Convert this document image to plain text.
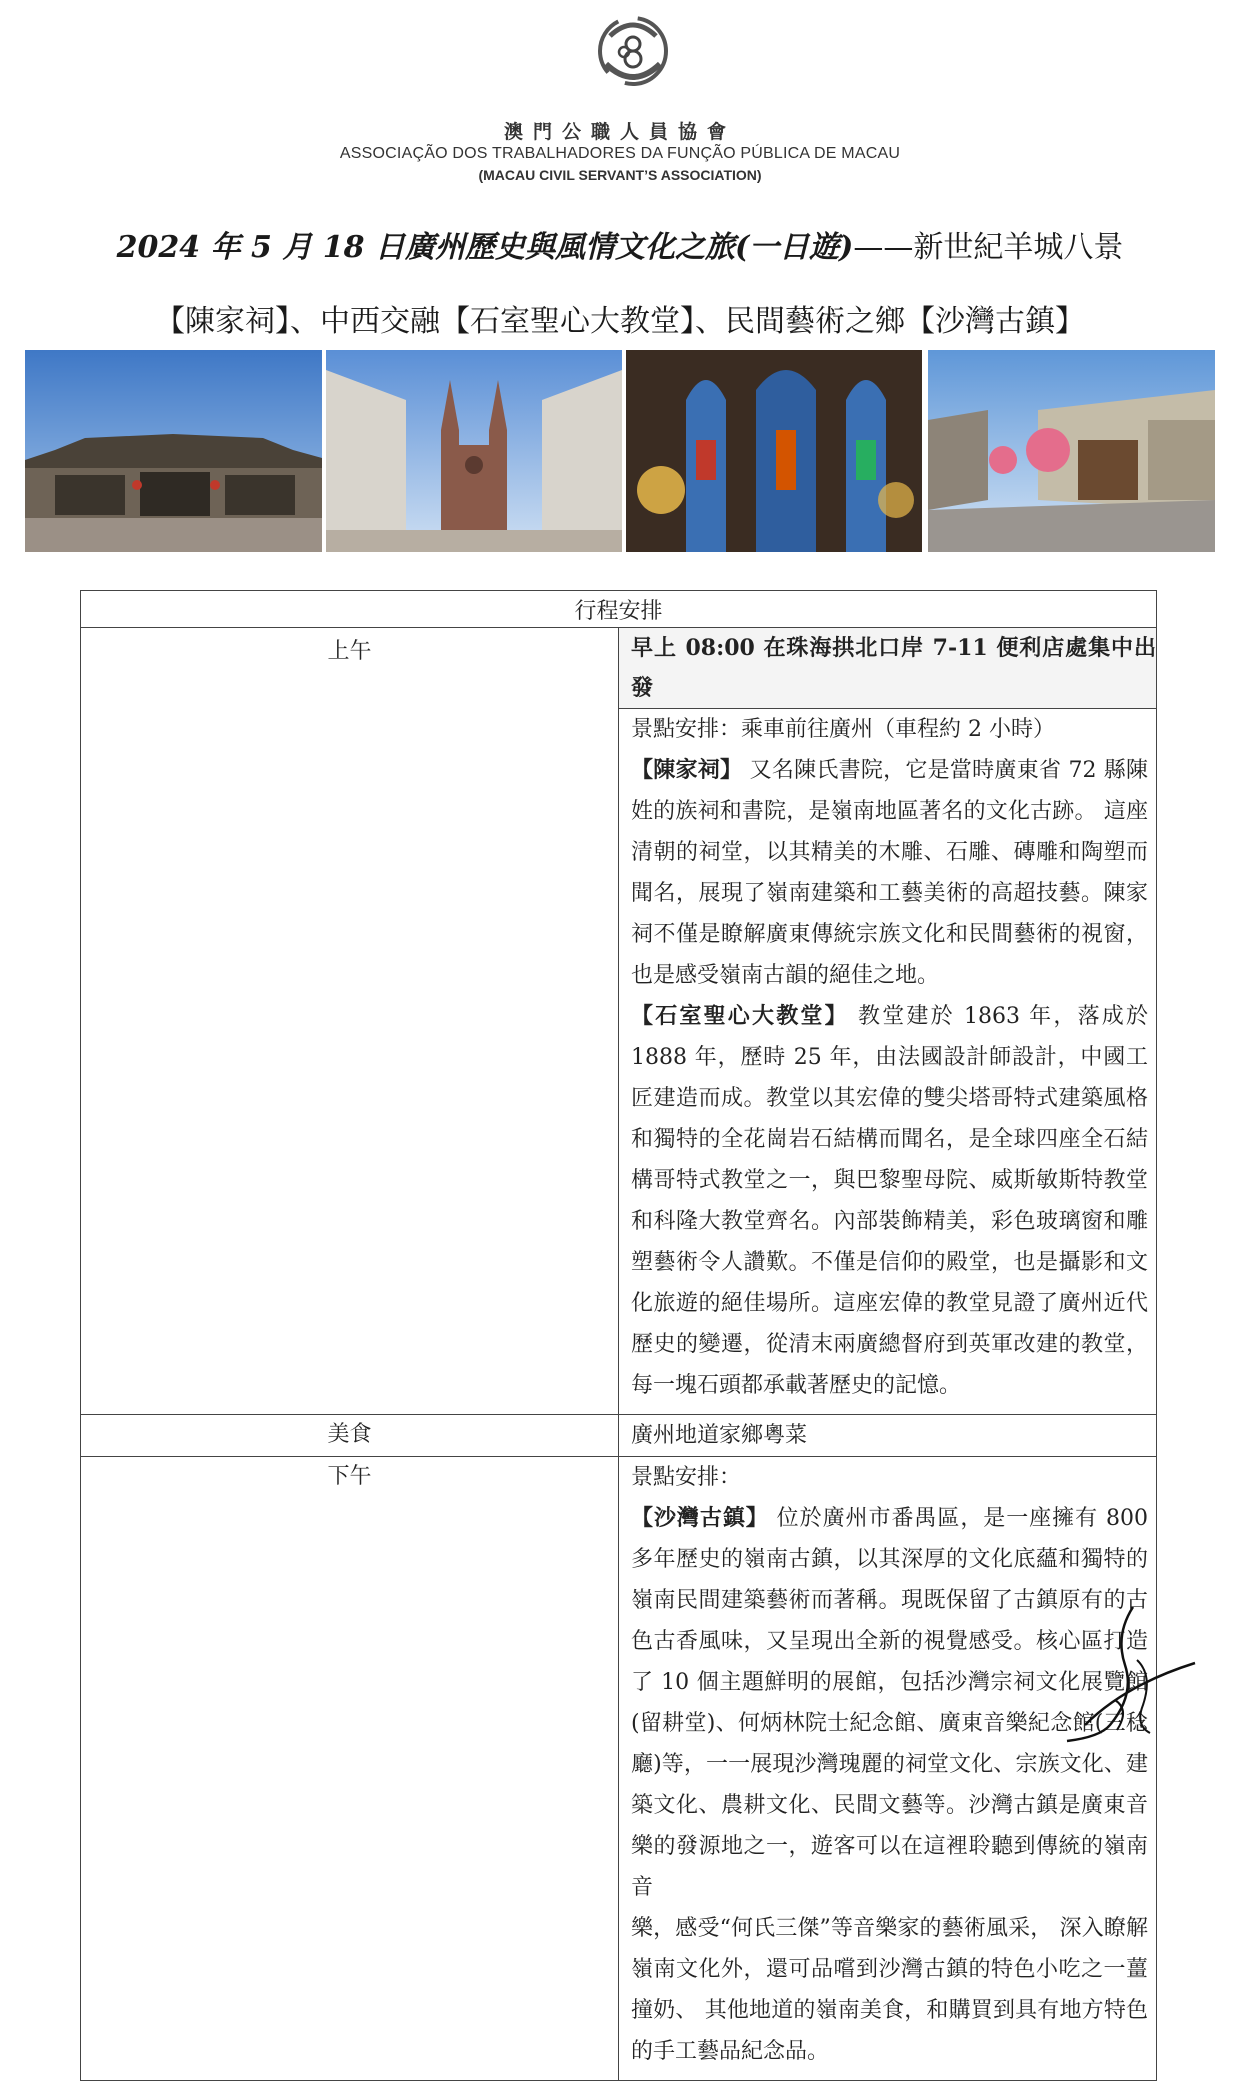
澳門公職人員協會
ASSOCIAÇÃO DOS TRABALHADORES DA FUNÇÃO PÚBLICA DE MACAU
(MACAU CIVIL SERVANT’S ASSOCIATION)
2024 年 5 月 18 日廣州歷史與風情文化之旅(一日遊)——新世紀羊城八景
【陳家祠】、中西交融【石室聖心大教堂】、民間藝術之鄉【沙灣古鎮】
行程安排	
上午	早上 08:00 在珠海拱北口岸 7-11 便利店處集中出發

景點安排：乘車前往廣州（車程約 2 小時）

【陳家祠】 又名陳氏書院，它是當時廣東省 72 縣陳姓的族祠和書院，是嶺南地區著名的文化古跡。 這座清朝的祠堂，以其精美的木雕、石雕、磚雕和陶塑而聞名，展現了嶺南建築和工藝美術的高超技藝。陳家祠不僅是瞭解廣東傳統宗族文化和民間藝術的視窗，也是感受嶺南古韻的絕佳之地。

【石室聖心大教堂】 教堂建於 1863 年，落成於 1888 年，歷時 25 年，由法國設計師設計，中國工匠建造而成。教堂以其宏偉的雙尖塔哥特式建築風格和獨特的全花崗岩石結構而聞名，是全球四座全石結構哥特式教堂之一，與巴黎聖母院、威斯敏斯特教堂和科隆大教堂齊名。內部裝飾精美，彩色玻璃窗和雕塑藝術令人讚歎。不僅是信仰的殿堂，也是攝影和文化旅遊的絕佳場所。這座宏偉的教堂見證了廣州近代歷史的變遷，從清末兩廣總督府到英軍改建的教堂，每一塊石頭都承載著歷史的記憶。

美食	廣州地道家鄉粵菜
下午	景點安排：

【沙灣古鎮】 位於廣州市番禺區，是一座擁有 800 多年歷史的嶺南古鎮，以其深厚的文化底蘊和獨特的嶺南民間建築藝術而著稱。現既保留了古鎮原有的古色古香風味，又呈現出全新的視覺感受。核心區打造了 10 個主題鮮明的展館，包括沙灣宗祠文化展覽館(留耕堂)、何炳林院士紀念館、廣東音樂紀念館(三稔廳)等，一一展現沙灣瑰麗的祠堂文化、宗族文化、建築文化、農耕文化、民間文藝等。沙灣古鎮是廣東音樂的發源地之一，遊客可以在這裡聆聽到傳統的嶺南音

樂，感受“何氏三傑”等音樂家的藝術風采， 深入瞭解嶺南文化外，還可品嚐到沙灣古鎮的特色小吃之一薑撞奶、 其他地道的嶺南美食，和購買到具有地方特色的手工藝品紀念品。
